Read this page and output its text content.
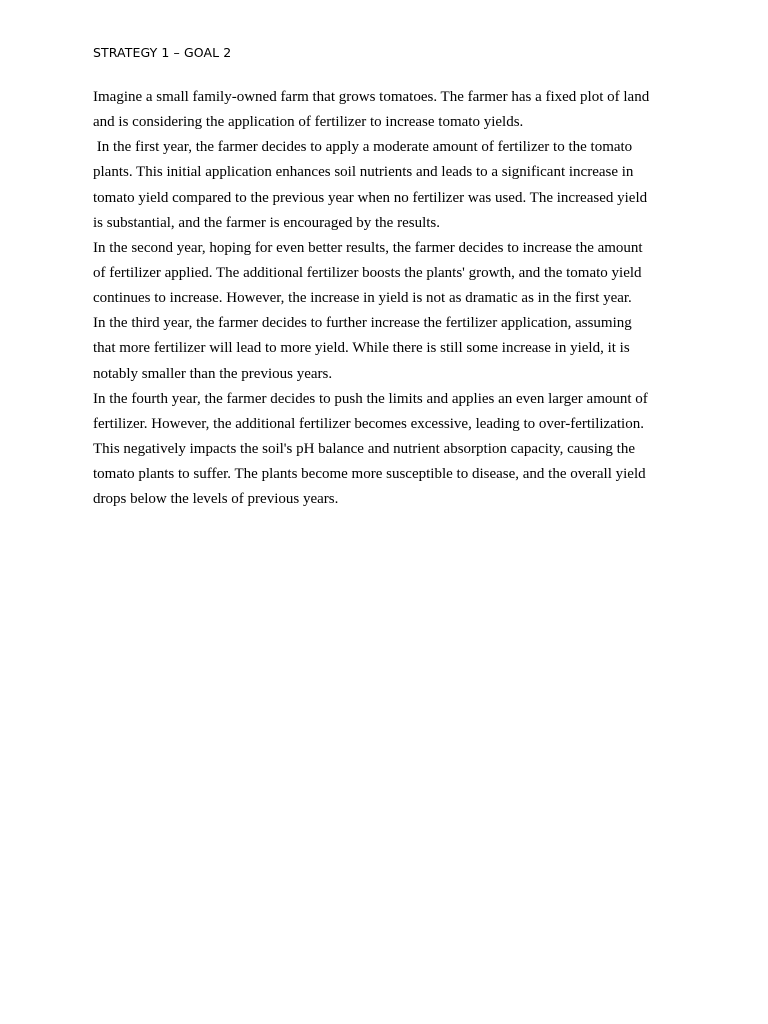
STRATEGY 1 – GOAL 2
Imagine a small family-owned farm that grows tomatoes. The farmer has a fixed plot of land
and is considering the application of fertilizer to increase tomato yields.
In the first year, the farmer decides to apply a moderate amount of fertilizer to the tomato
plants. This initial application enhances soil nutrients and leads to a significant increase in
tomato yield compared to the previous year when no fertilizer was used. The increased yield
is substantial, and the farmer is encouraged by the results.
In the second year, hoping for even better results, the farmer decides to increase the amount
of fertilizer applied. The additional fertilizer boosts the plants' growth, and the tomato yield
continues to increase. However, the increase in yield is not as dramatic as in the first year.
In the third year, the farmer decides to further increase the fertilizer application, assuming
that more fertilizer will lead to more yield. While there is still some increase in yield, it is
notably smaller than the previous years.
In the fourth year, the farmer decides to push the limits and applies an even larger amount of
fertilizer. However, the additional fertilizer becomes excessive, leading to over-fertilization.
This negatively impacts the soil's pH balance and nutrient absorption capacity, causing the
tomato plants to suffer. The plants become more susceptible to disease, and the overall yield
drops below the levels of previous years.
